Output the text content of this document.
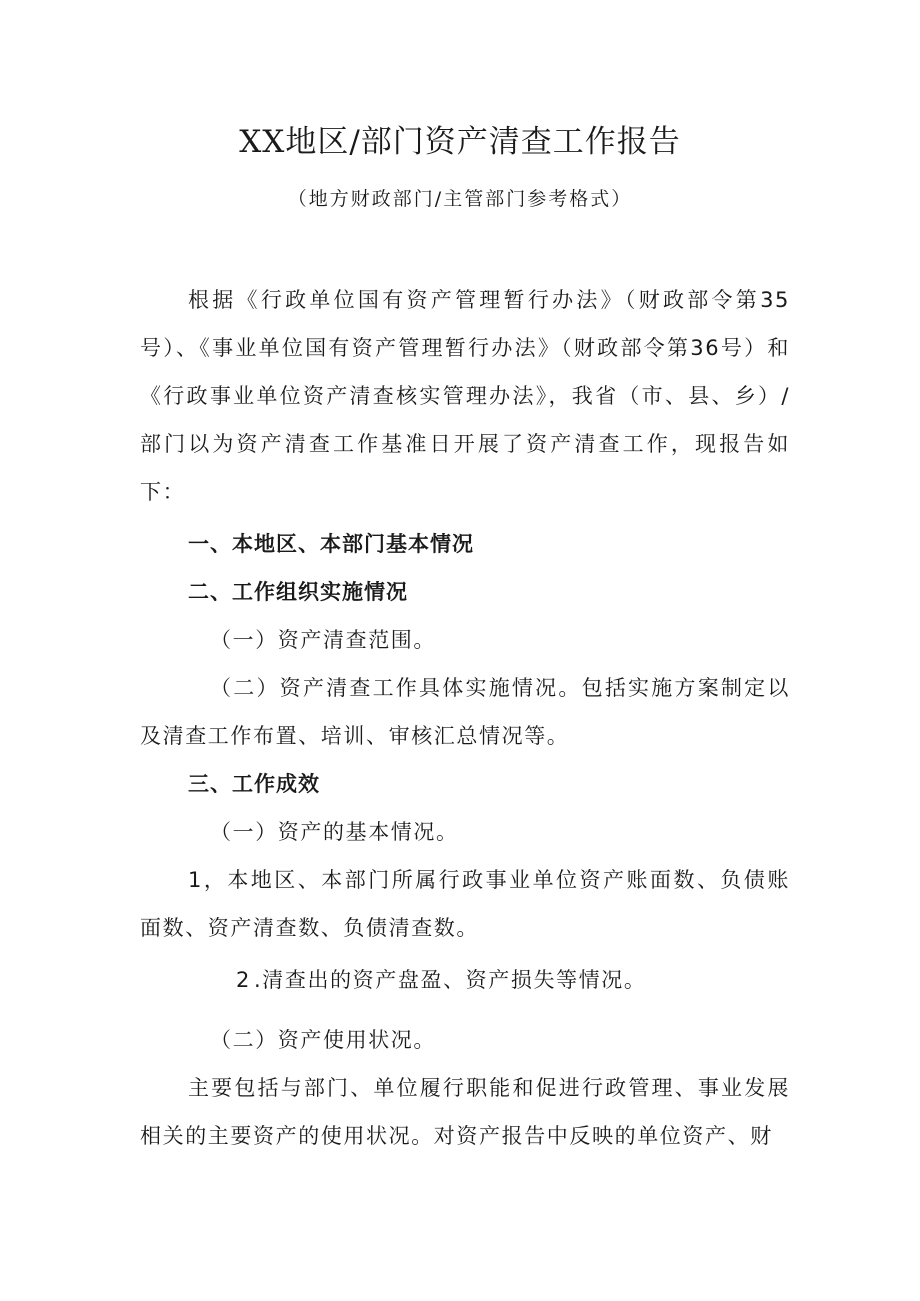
XX地区/部门资产清查工作报告

（地方财政部门/主管部门参考格式）

根据《行政单位国有资产管理暂行办法》（财政部令第35号）、《事业单位国有资产管理暂行办法》（财政部令第36号）和《行政事业单位资产清查核实管理办法》，我省（市、县、乡）/部门以为资产清查工作基准日开展了资产清查工作，现报告如下：

一、本地区、本部门基本情况

二、工作组织实施情况

（一）资产清查范围。

（二）资产清查工作具体实施情况。包括实施方案制定以及清查工作布置、培训、审核汇总情况等。

三、工作成效

（一）资产的基本情况。

1，本地区、本部门所属行政事业单位资产账面数、负债账面数、资产清查数、负债清查数。

2 .清查出的资产盘盈、资产损失等情况。

（二）资产使用状况。

主要包括与部门、单位履行职能和促进行政管理、事业发展相关的主要资产的使用状况。对资产报告中反映的单位资产、财
